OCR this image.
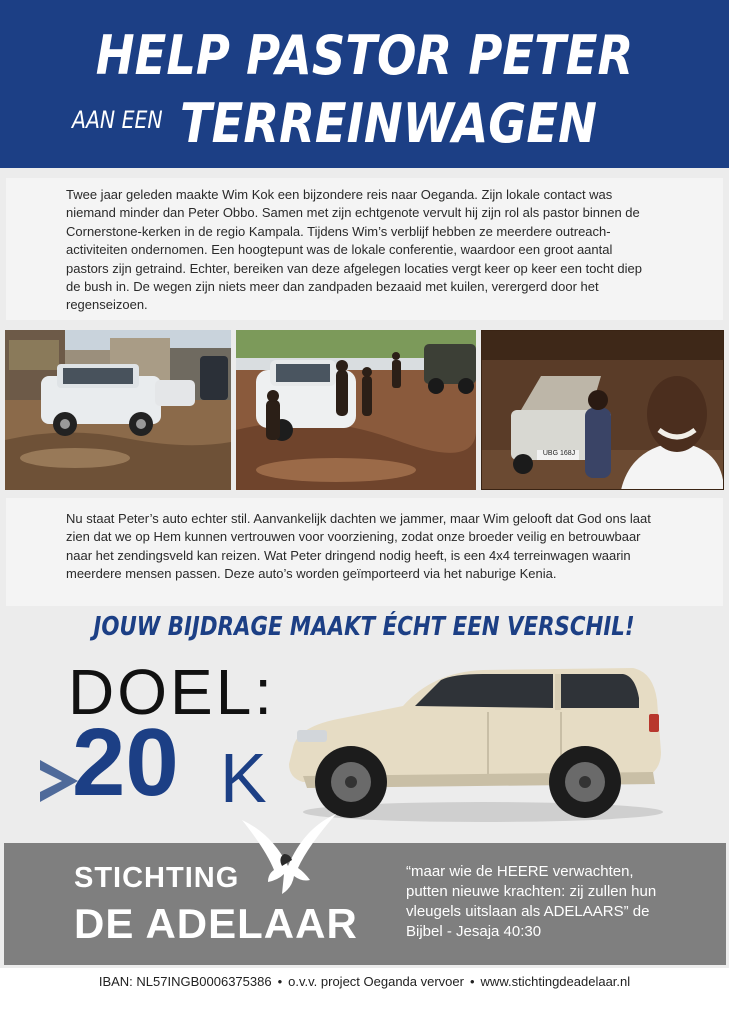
HELP PASTOR PETER
AAN EEN TERREINWAGEN
Twee jaar geleden maakte Wim Kok een bijzondere reis naar Oeganda. Zijn lokale contact was niemand minder dan Peter Obbo. Samen met zijn echtgenote vervult hij zijn rol als pastor binnen de Cornerstone-kerken in de regio Kampala. Tijdens Wim’s verblijf hebben ze meerdere outreach-activiteiten ondernomen. Een hoogtepunt was de lokale conferentie, waardoor een groot aantal pastors zijn getraind. Echter, bereiken van deze afgelegen locaties vergt keer op keer een tocht diep de bush in. De wegen zijn niets meer dan zandpaden bezaaid met kuilen, verergerd door het regenseizoen.
UBG 168J
Nu staat Peter’s auto echter stil. Aanvankelijk dachten we jammer, maar Wim gelooft dat God ons laat zien dat we op Hem kunnen vertrouwen voor voorziening, zodat onze broeder veilig en betrouwbaar naar het zendingsveld kan reizen. Wat Peter dringend nodig heeft, is een 4x4 terreinwagen waarin meerdere mensen passen. Deze auto’s worden geïmporteerd via het naburige Kenia.
JOUW BIJDRAGE MAAKT ÉCHT EEN VERSCHIL!
DOEL:
20 K
STICHTING
DE ADELAAR
“maar wie de HEERE verwachten, putten nieuwe krachten: zij zullen hun vleugels uitslaan als ADELAARS” de Bijbel - Jesaja 40:30
IBAN: NL57INGB0006375386 • o.v.v. project Oeganda vervoer • www.stichtingdeadelaar.nl
